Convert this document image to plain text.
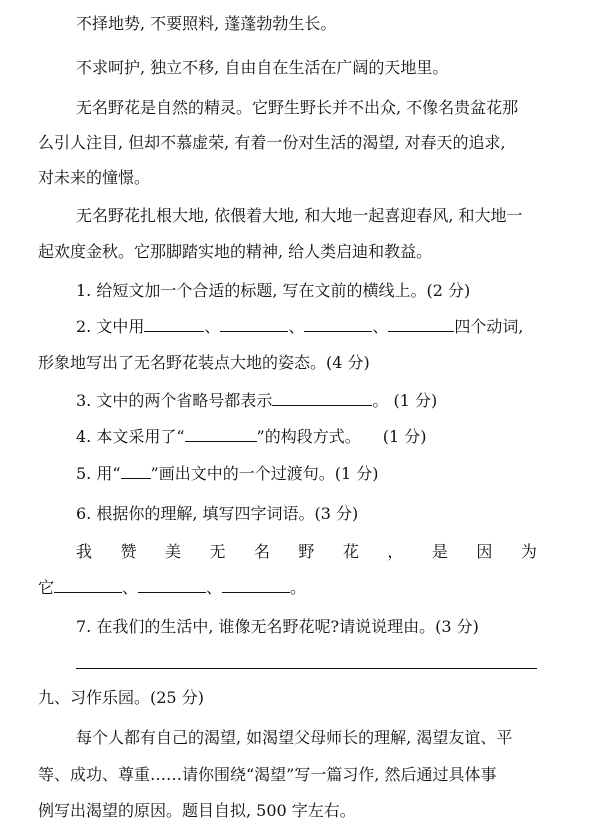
不择地势, 不要照料, 蓬蓬勃勃生长。
不求呵护, 独立不移, 自由自在生活在广阔的天地里。
无名野花是自然的精灵。它野生野长并不出众, 不像名贵盆花那
么引人注目, 但却不慕虚荣, 有着一份对生活的渴望, 对春天的追求,
对未来的憧憬。
无名野花扎根大地, 依偎着大地, 和大地一起喜迎春风, 和大地一
起欢度金秋。它那脚踏实地的精神, 给人类启迪和教益。
1. 给短文加一个合适的标题, 写在文前的横线上。(2 分)
2. 文中用	、	、	、	四个动词,
形象地写出了无名野花装点大地的姿态。(4 分)
3. 文中的两个省略号都表示	。 (1 分)
4. 本文采用了“	”的构段方式。 (1 分)
5. 用“ ”画出文中的一个过渡句。(1 分)
6. 根据你的理解, 填写四字词语。(3 分)
我 赞 美 无 名 野 花 ， 是 因 为
它	、	、	。
7. 在我们的生活中, 谁像无名野花呢?请说说理由。(3 分)
九、习作乐园。(25 分)
每个人都有自己的渴望, 如渴望父母师长的理解, 渴望友谊、平
等、成功、尊重……请你围绕“渴望”写一篇习作, 然后通过具体事
例写出渴望的原因。题目自拟, 500 字左右。
